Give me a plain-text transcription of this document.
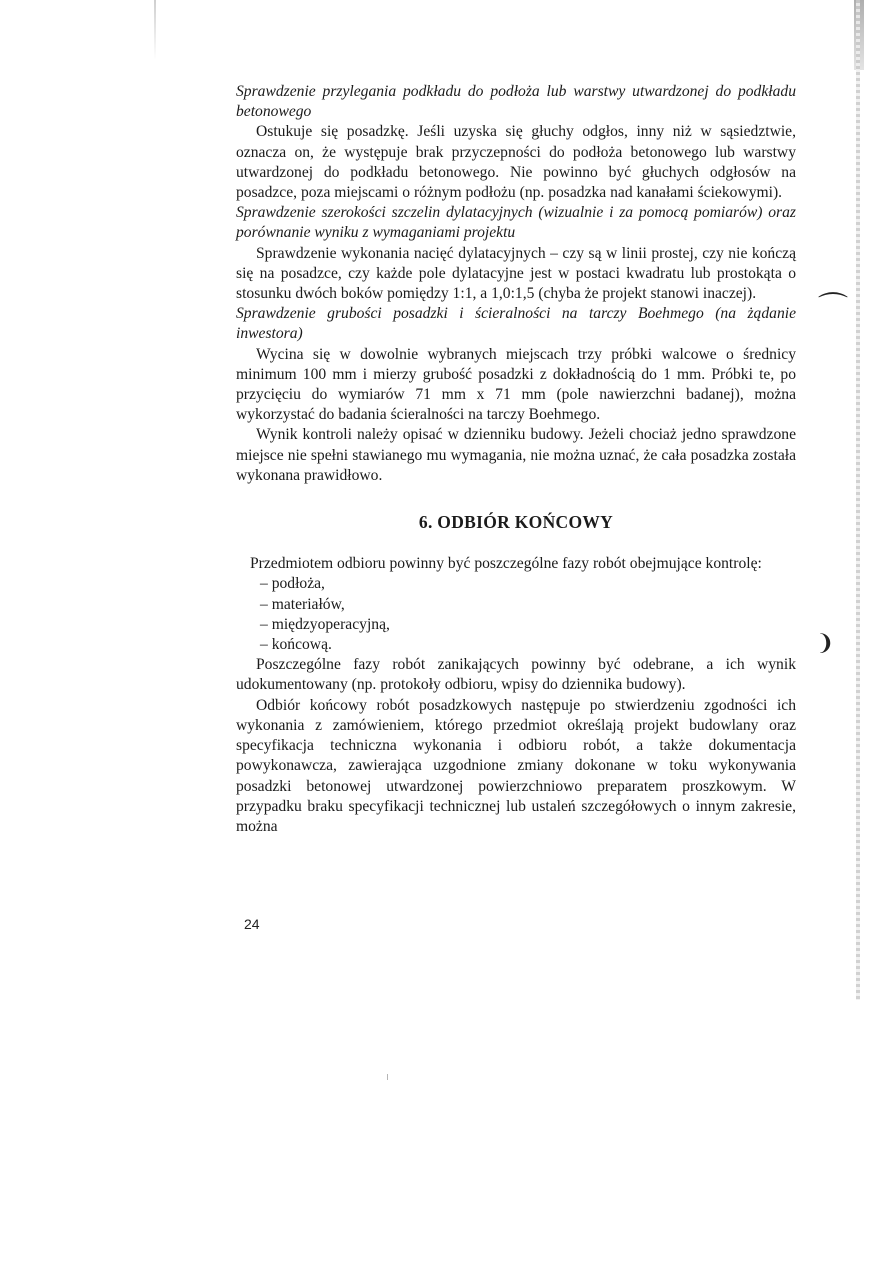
⌒
❩

Sprawdzenie przylegania podkładu do podłoża lub warstwy utwardzonej do podkładu betonowego

Ostukuje się posadzkę. Jeśli uzyska się głuchy odgłos, inny niż w sąsiedztwie, oznacza on, że występuje brak przyczepności do podłoża betonowego lub warstwy utwardzonej do podkładu betonowego. Nie powinno być głuchych odgłosów na posadzce, poza miejscami o różnym podłożu (np. posadzka nad kanałami ściekowymi).

Sprawdzenie szerokości szczelin dylatacyjnych (wizualnie i za pomocą pomiarów) oraz porównanie wyniku z wymaganiami projektu

Sprawdzenie wykonania nacięć dylatacyjnych – czy są w linii prostej, czy nie kończą się na posadzce, czy każde pole dylatacyjne jest w postaci kwadratu lub prostokąta o stosunku dwóch boków pomiędzy 1:1, a 1,0:1,5 (chyba że projekt stanowi inaczej).

Sprawdzenie grubości posadzki i ścieralności na tarczy Boehmego (na żądanie inwestora)

Wycina się w dowolnie wybranych miejscach trzy próbki walcowe o średnicy minimum 100 mm i mierzy grubość posadzki z dokładnością do 1 mm. Próbki te, po przycięciu do wymiarów 71 mm x 71 mm (pole nawierzchni badanej), można wykorzystać do badania ścieralności na tarczy Boehmego.

Wynik kontroli należy opisać w dzienniku budowy. Jeżeli chociaż jedno sprawdzone miejsce nie spełni stawianego mu wymagania, nie można uznać, że cała posadzka została wykonana prawidłowo.

6. ODBIÓR KOŃCOWY

Przedmiotem odbioru powinny być poszczególne fazy robót obejmujące kontrolę:

– podłoża,
– materiałów,
– międzyoperacyjną,
– końcową.

Poszczególne fazy robót zanikających powinny być odebrane, a ich wynik udokumentowany (np. protokoły odbioru, wpisy do dziennika budowy).

Odbiór końcowy robót posadzkowych następuje po stwierdzeniu zgodności ich wykonania z zamówieniem, którego przedmiot określają projekt budowlany oraz specyfikacja techniczna wykonania i odbioru robót, a także dokumentacja powykonawcza, zawierająca uzgodnione zmiany dokonane w toku wykonywania posadzki betonowej utwardzonej powierzchniowo preparatem proszkowym. W przypadku braku specyfikacji technicznej lub ustaleń szczegółowych o innym zakresie, można

24
